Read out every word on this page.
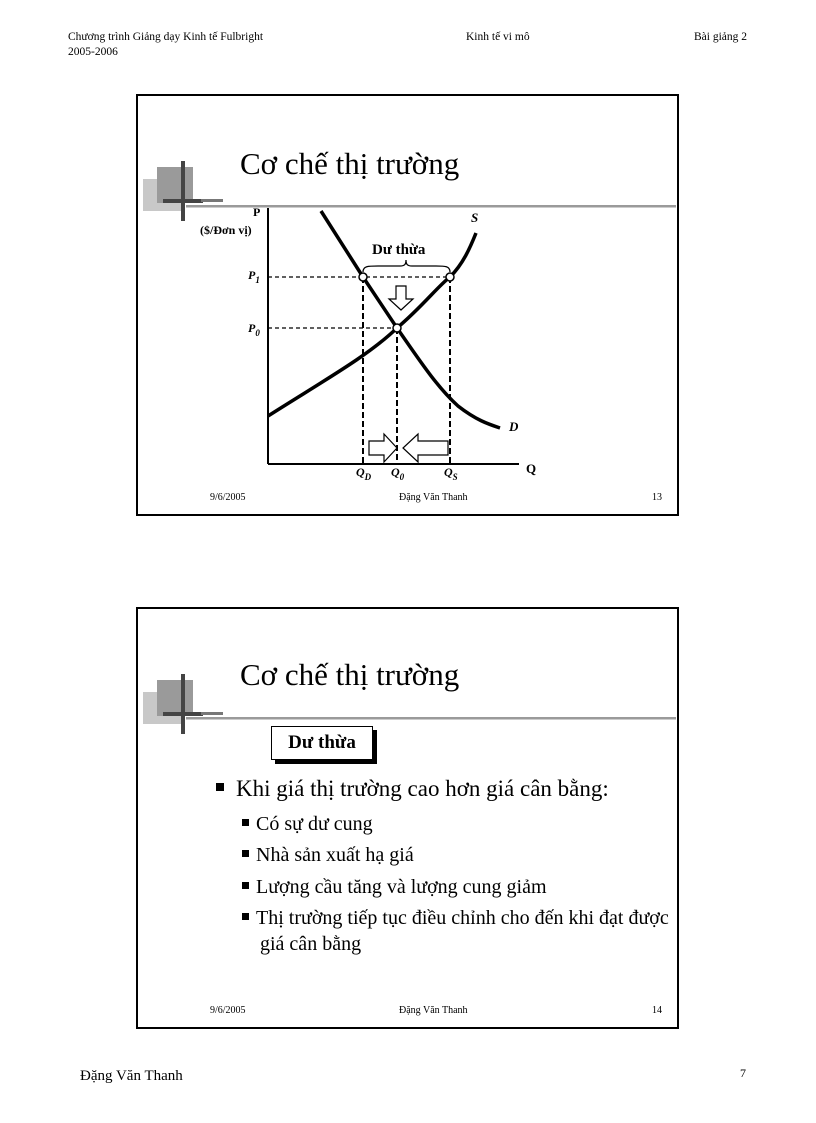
Chương trình Giảng dạy Kinh tế Fulbright
2005-2006
Kinh tế vi mô	Bài giảng 2
Cơ chế thị trường
P
($/Đơn vị)
Q
S
D
Dư thừa
$P_1$
$P_0$
$Q_D$ $Q_0$	$Q_S$
9/6/2005	Đặng Văn Thanh	13
Cơ chế thị trường
Dư thừa
Khi giá thị trường cao hơn giá cân bằng:
Có sự dư cung
Nhà sản xuất hạ giá
Lượng cầu tăng và lượng cung giảm
Thị trường tiếp tục điều chỉnh cho đến khi đạt được giá cân bằng
9/6/2005	Đặng Văn Thanh	14
Đặng Văn Thanh	7
